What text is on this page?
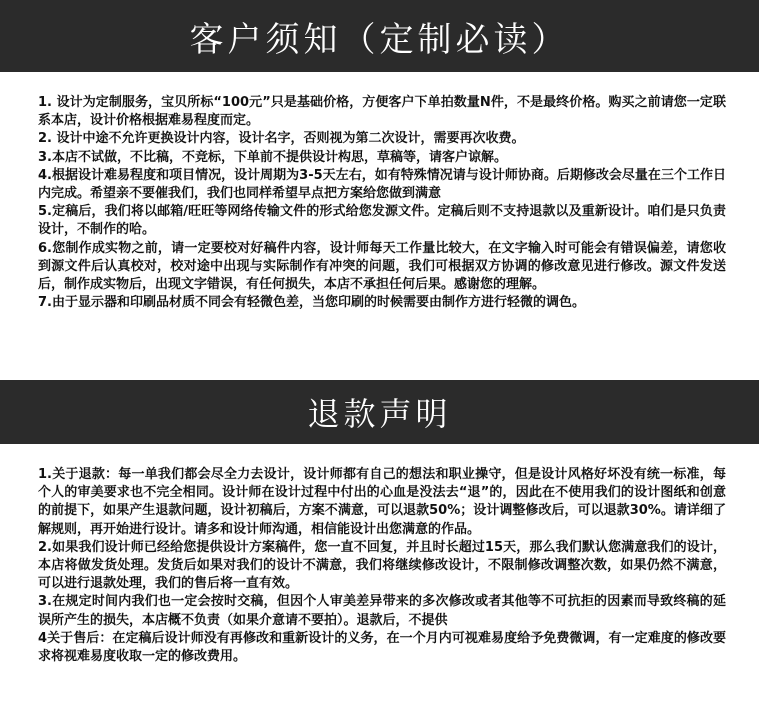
客户须知（定制必读）

1. 设计为定制服务，宝贝所标“100元”只是基础价格，方便客户下单拍数量N件，不是最终价格。购买之前请您一定联系本店，设计价格根据难易程度而定。

2. 设计中途不允许更换设计内容，设计名字，否则视为第二次设计，需要再次收费。

3.本店不试做，不比稿，不竞标，下单前不提供设计构思，草稿等，请客户谅解。

4.根据设计难易程度和项目情况，设计周期为3-5天左右，如有特殊情况请与设计师协商。后期修改会尽量在三个工作日内完成。希望亲不要催我们，我们也同样希望早点把方案给您做到满意

5.定稿后，我们将以邮箱/旺旺等网络传输文件的形式给您发源文件。定稿后则不支持退款以及重新设计。咱们是只负责设计，不制作的哈。

6.您制作成实物之前，请一定要校对好稿件内容，设计师每天工作量比较大，在文字输入时可能会有错误偏差，请您收到源文件后认真校对，校对途中出现与实际制作有冲突的问题，我们可根据双方协调的修改意见进行修改。源文件发送后，制作成实物后，出现文字错误，有任何损失，本店不承担任何后果。感谢您的理解。

7.由于显示器和印刷品材质不同会有轻微色差，当您印刷的时候需要由制作方进行轻微的调色。

退款声明

1.关于退款：每一单我们都会尽全力去设计，设计师都有自己的想法和职业操守，但是设计风格好坏没有统一标准，每个人的审美要求也不完全相同。设计师在设计过程中付出的心血是没法去“退”的，因此在不使用我们的设计图纸和创意的前提下，如果产生退款问题，设计初稿后，方案不满意，可以退款50%；设计调整修改后，可以退款30%。请详细了解规则，再开始进行设计。请多和设计师沟通，相信能设计出您满意的作品。

2.如果我们设计师已经给您提供设计方案稿件，您一直不回复，并且时长超过15天，那么我们默认您满意我们的设计，本店将做发货处理。发货后如果对我们的设计不满意，我们将继续修改设计，不限制修改调整次数，如果仍然不满意，可以进行退款处理，我们的售后将一直有效。

3.在规定时间内我们也一定会按时交稿，但因个人审美差异带来的多次修改或者其他等不可抗拒的因素而导致终稿的延误所产生的损失，本店概不负责（如果介意请不要拍）。退款后，不提供

4关于售后：在定稿后设计师没有再修改和重新设计的义务，在一个月内可视难易度给予免费微调，有一定难度的修改要求将视难易度收取一定的修改费用。
